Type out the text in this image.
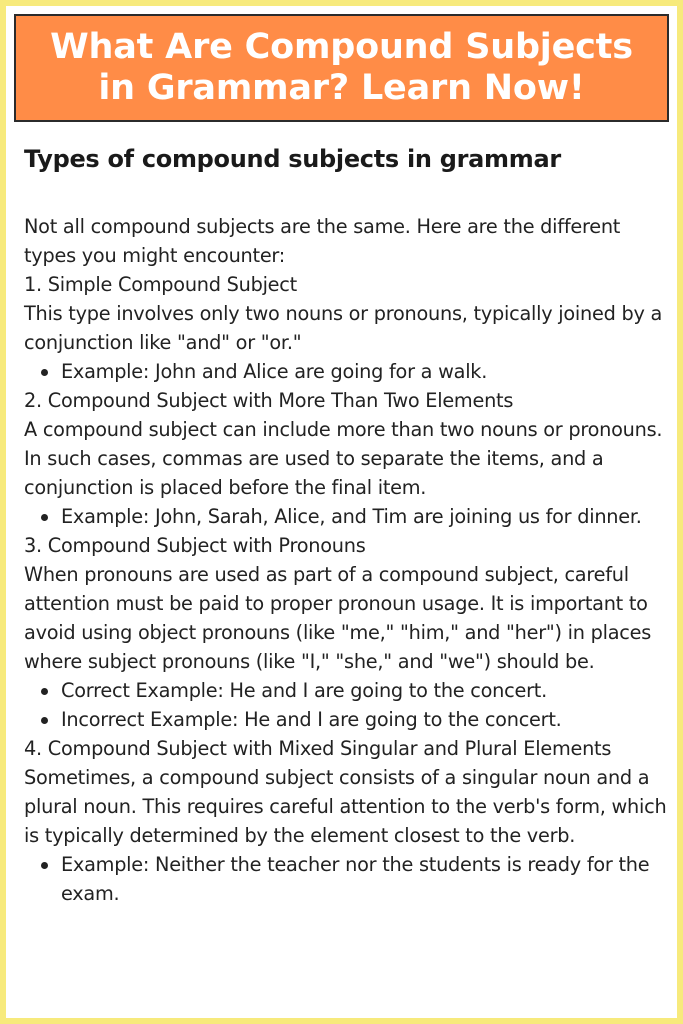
What Are Compound Subjects
in Grammar? Learn Now!
Types of compound subjects in grammar

Not all compound subjects are the same. Here are the different types you might encounter:

1. Simple Compound Subject

This type involves only two nouns or pronouns, typically joined by a conjunction like "and" or "or."

Example: John and Alice are going for a walk.

2. Compound Subject with More Than Two Elements

A compound subject can include more than two nouns or pronouns. In such cases, commas are used to separate the items, and a conjunction is placed before the final item.

Example: John, Sarah, Alice, and Tim are joining us for dinner.

3. Compound Subject with Pronouns

When pronouns are used as part of a compound subject, careful attention must be paid to proper pronoun usage. It is important to avoid using object pronouns (like "me," "him," and "her") in places where subject pronouns (like "I," "she," and "we") should be.

Correct Example: He and I are going to the concert.
Incorrect Example: He and I are going to the concert.

4. Compound Subject with Mixed Singular and Plural Elements

Sometimes, a compound subject consists of a singular noun and a plural noun. This requires careful attention to the verb's form, which is typically determined by the element closest to the verb.

Example: Neither the teacher nor the students is ready for the exam.
